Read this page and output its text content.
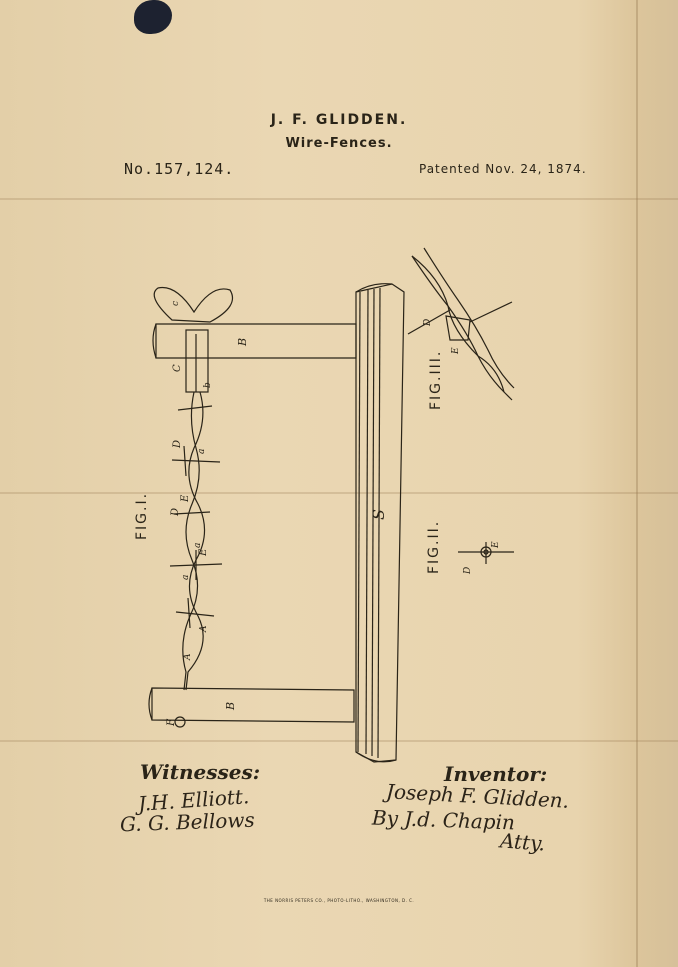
J. F. GLIDDEN.
Wire-Fences.
No.157,124.	Patented Nov. 24, 1874.
FIG.I.
FIG.II.
FIG.III.
S
B
B
C
c
b
a
a
a
A
A
D
D
E
E
F
D
E
D
E
Witnesses:
J.H. Elliott.
G. G. Bellows
Inventor:
Joseph F. Glidden.
By J.d. Chapin
Atty.
THE NORRIS PETERS CO., PHOTO-LITHO., WASHINGTON, D. C.
